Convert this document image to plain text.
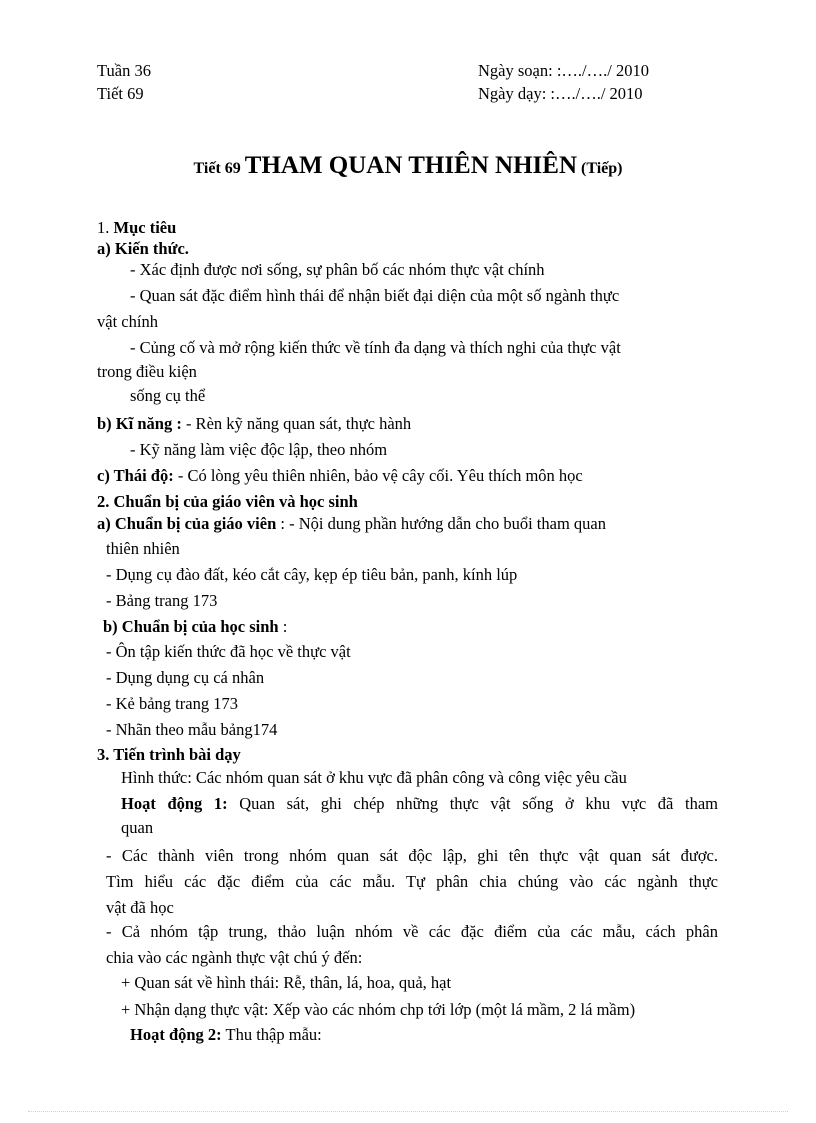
Tuần 36
Tiết 69
Ngày soạn: :…./…./ 2010
Ngày dạy: :…./…./ 2010
Tiết 69 THAM QUAN THIÊN NHIÊN (Tiếp)
1. Mục tiêu
a) Kiến thức.
- Xác định được nơi sống, sự phân bố các nhóm thực vật chính
- Quan sát đặc điểm hình thái để nhận biết đại diện của một số ngành thực
vật chính
- Củng cố và mở rộng kiến thức về tính đa dạng và thích nghi của thực vật
trong điều kiện
sống cụ thể
b) Kĩ năng : - Rèn kỹ năng quan sát, thực hành
- Kỹ năng làm việc độc lập, theo nhóm
c) Thái độ: - Có lòng yêu thiên nhiên, bảo vệ cây cối. Yêu thích môn học
2. Chuẩn bị của giáo viên và học sinh
a) Chuẩn bị của giáo viên : - Nội dung phần hướng dẫn cho buổi tham quan
thiên nhiên
- Dụng cụ đào đất, kéo cắt cây, kẹp ép tiêu bản, panh, kính lúp
- Bảng trang 173
b) Chuẩn bị của học sinh :
- Ôn tập kiến thức đã học về thực vật
- Dụng dụng cụ cá nhân
- Kẻ bảng trang 173
- Nhãn theo mẫu bảng174
3. Tiến trình bài dạy
Hình thức: Các nhóm quan sát ở khu vực đã phân công và công việc yêu cầu
Hoạt động 1: Quan sát, ghi chép những thực vật sống ở khu vực đã tham
quan
- Các thành viên trong nhóm quan sát độc lập, ghi tên thực vật quan sát được.
Tìm hiểu các đặc điểm của các mẫu. Tự phân chia chúng vào các ngành thực
vật đã học
- Cả nhóm tập trung, thảo luận nhóm về các đặc điểm của các mẫu, cách phân
chia vào các ngành thực vật chú ý đến:
+ Quan sát về hình thái: Rễ, thân, lá, hoa, quả, hạt
+ Nhận dạng thực vật: Xếp vào các nhóm chp tới lớp (một lá mầm, 2 lá mầm)
Hoạt động 2: Thu thập mẫu:
